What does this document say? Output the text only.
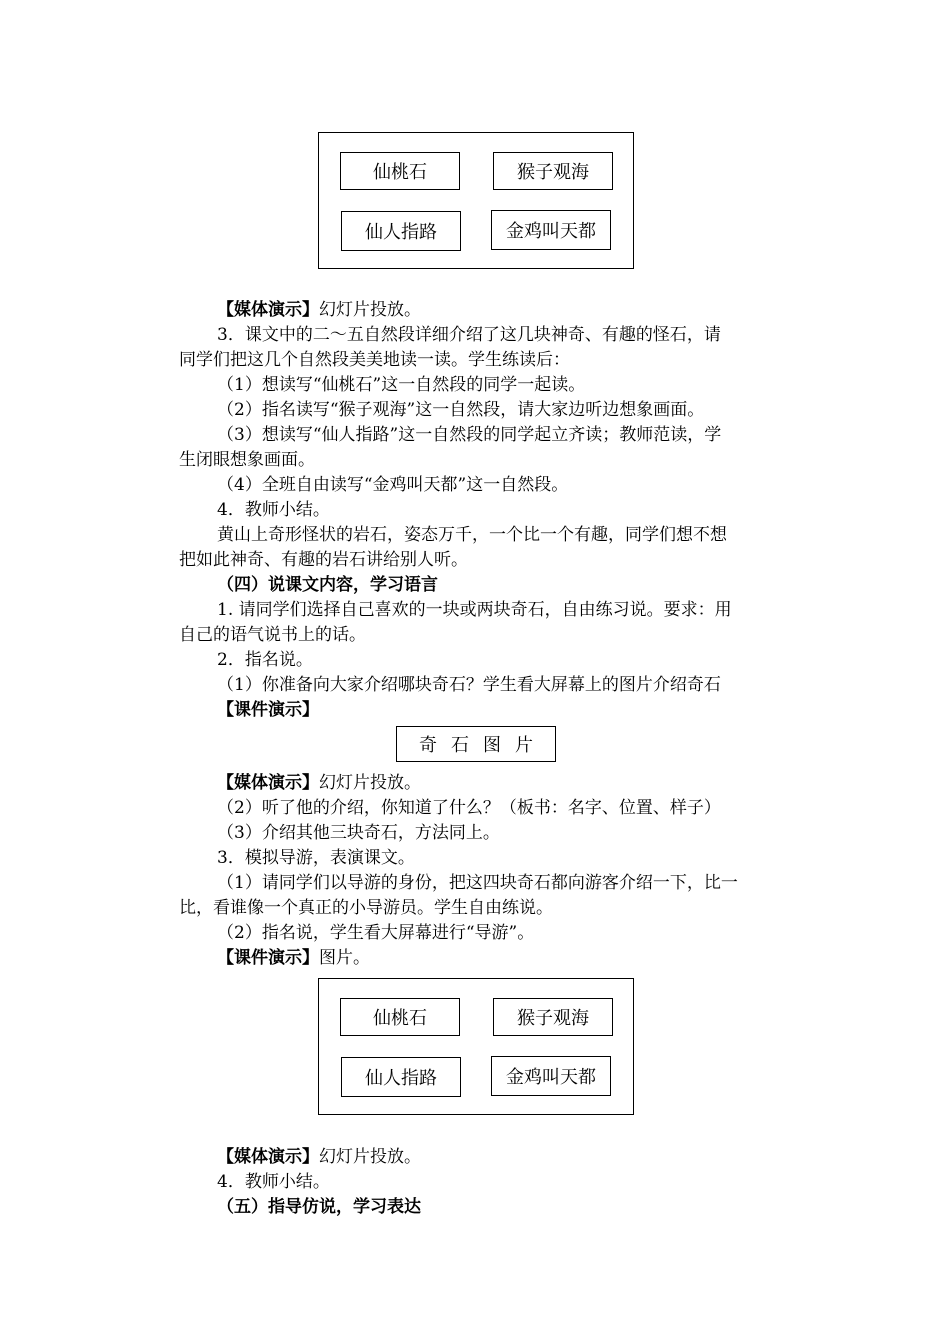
仙桃石	猴子观海
仙人指路	金鸡叫天都
【媒体演示】幻灯片投放。
3．课文中的二～五自然段详细介绍了这几块神奇、有趣的怪石，请
同学们把这几个自然段美美地读一读。学生练读后：
（1）想读写“仙桃石”这一自然段的同学一起读。
（2）指名读写“猴子观海”这一自然段，请大家边听边想象画面。
（3）想读写“仙人指路”这一自然段的同学起立齐读；教师范读，学
生闭眼想象画面。
（4）全班自由读写“金鸡叫天都”这一自然段。
4．教师小结。
黄山上奇形怪状的岩石，姿态万千，一个比一个有趣，同学们想不想
把如此神奇、有趣的岩石讲给别人听。
（四）说课文内容，学习语言
1. 请同学们选择自己喜欢的一块或两块奇石，自由练习说。要求：用
自己的语气说书上的话。
2．指名说。
（1）你准备向大家介绍哪块奇石？学生看大屏幕上的图片介绍奇石
【课件演示】
奇石图片
【媒体演示】幻灯片投放。
（2）听了他的介绍，你知道了什么？（板书：名字、位置、样子）
（3）介绍其他三块奇石，方法同上。
3．模拟导游，表演课文。
（1）请同学们以导游的身份，把这四块奇石都向游客介绍一下，比一
比，看谁像一个真正的小导游员。学生自由练说。
（2）指名说，学生看大屏幕进行“导游”。
【课件演示】图片。
仙桃石	猴子观海
仙人指路	金鸡叫天都
【媒体演示】幻灯片投放。
4．教师小结。
（五）指导仿说，学习表达
